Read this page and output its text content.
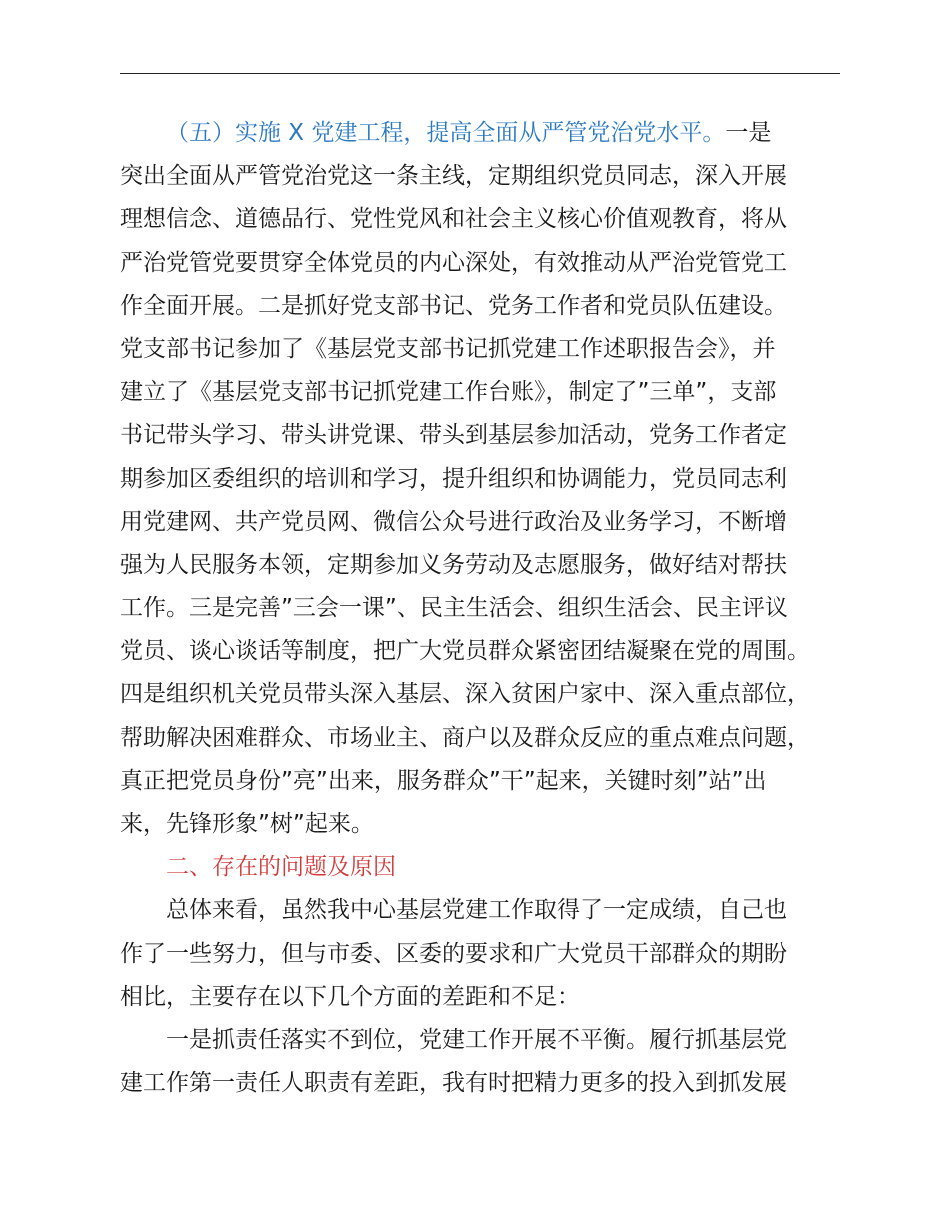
（五）实施 X 党建工程，提高全面从严管党治党水平。一是
突出全面从严管党治党这一条主线，定期组织党员同志，深入开展
理想信念、道德品行、党性党风和社会主义核心价值观教育，将从
严治党管党要贯穿全体党员的内心深处，有效推动从严治党管党工
作全面开展。二是抓好党支部书记、党务工作者和党员队伍建设。
党支部书记参加了《基层党支部书记抓党建工作述职报告会》，并
建立了《基层党支部书记抓党建工作台账》，制定了”三单”，支部
书记带头学习、带头讲党课、带头到基层参加活动，党务工作者定
期参加区委组织的培训和学习，提升组织和协调能力，党员同志利
用党建网、共产党员网、微信公众号进行政治及业务学习，不断增
强为人民服务本领，定期参加义务劳动及志愿服务，做好结对帮扶
工作。三是完善”三会一课”、民主生活会、组织生活会、民主评议
党员、谈心谈话等制度，把广大党员群众紧密团结凝聚在党的周围。
四是组织机关党员带头深入基层、深入贫困户家中、深入重点部位，
帮助解决困难群众、市场业主、商户以及群众反应的重点难点问题，
真正把党员身份”亮”出来，服务群众”干”起来，关键时刻”站”出
来，先锋形象”树”起来。
二、存在的问题及原因
总体来看，虽然我中心基层党建工作取得了一定成绩，自己也
作了一些努力，但与市委、区委的要求和广大党员干部群众的期盼
相比，主要存在以下几个方面的差距和不足：
一是抓责任落实不到位，党建工作开展不平衡。履行抓基层党
建工作第一责任人职责有差距，我有时把精力更多的投入到抓发展
